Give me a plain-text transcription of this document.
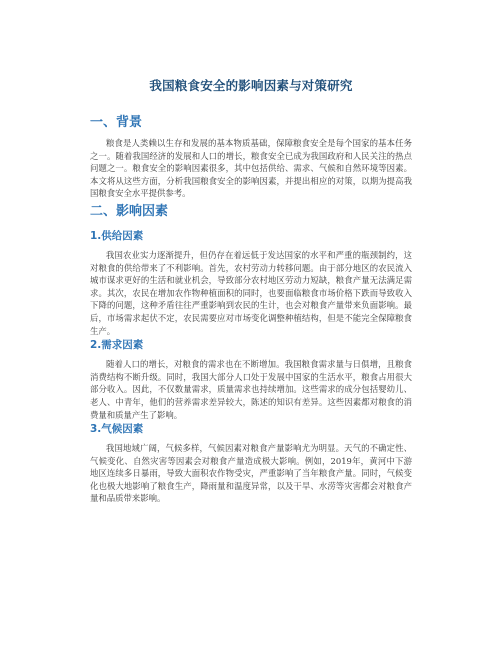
我国粮食安全的影响因素与对策研究
一、背景

粮食是人类赖以生存和发展的基本物质基础，保障粮食安全是每个国家的基本任务之一。随着我国经济的发展和人口的增长，粮食安全已成为我国政府和人民关注的热点问题之一。粮食安全的影响因素很多，其中包括供给、需求、气候和自然环境等因素。本文将从这些方面，分析我国粮食安全的影响因素，并提出相应的对策，以期为提高我国粮食安全水平提供参考。

二、影响因素
1.供给因素

我国农业实力逐渐提升，但仍存在着远低于发达国家的水平和严重的瓶颈制约，这对粮食的供给带来了不利影响。首先，农村劳动力转移问题。由于部分地区的农民流入城市谋求更好的生活和就业机会，导致部分农村地区劳动力短缺，粮食产量无法满足需求。其次，农民在增加农作物种植面积的同时，也要面临粮食市场价格下跌而导致收入下降的问题，这种矛盾往往严重影响到农民的生计，也会对粮食产量带来负面影响。最后，市场需求起伏不定，农民需要应对市场变化调整种植结构，但是不能完全保障粮食生产。

2.需求因素

随着人口的增长，对粮食的需求也在不断增加。我国粮食需求量与日俱增，且粮食消费结构不断升级。同时，我国大部分人口处于发展中国家的生活水平，粮食占用很大部分收入。因此，不仅数量需求，质量需求也持续增加。这些需求的成分包括婴幼儿、老人、中青年，他们的营养需求差异较大，陈述的知识有差异。这些因素都对粮食的消费量和质量产生了影响。

3.气候因素

我国地域广阔，气候多样，气候因素对粮食产量影响尤为明显。天气的不确定性、气候变化、自然灾害等因素会对粮食产量造成极大影响。例如，2019年，黄河中下游地区连续多日暴雨，导致大面积农作物受灾，严重影响了当年粮食产量。同时，气候变化也极大地影响了粮食生产，降雨量和温度异常，以及干旱、水涝等灾害都会对粮食产量和品质带来影响。
